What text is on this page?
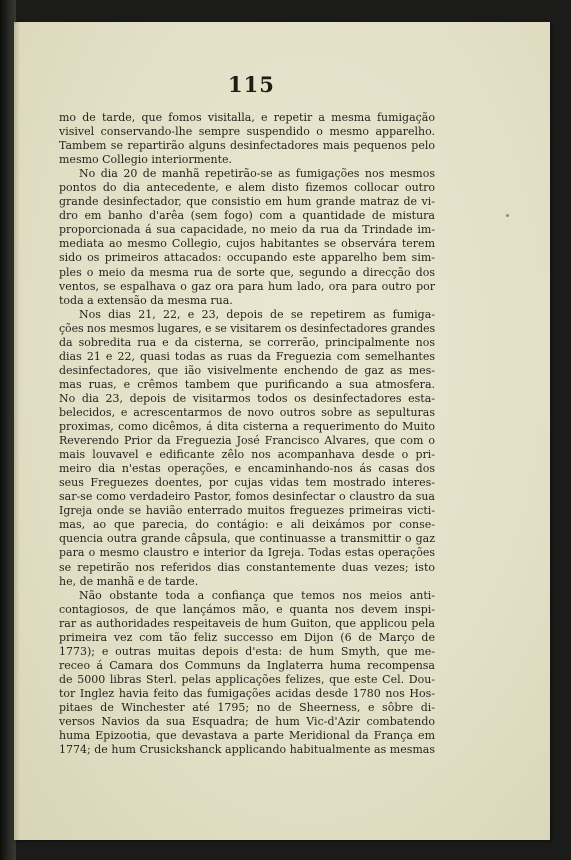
115
mo de tarde, que fomos visitalla, e repetir a mesma fumigação
visivel conservando-lhe sempre suspendido o mesmo apparelho.
Tambem se repartirão alguns desinfectadores mais pequenos pelo
mesmo Collegio interiormente.
No dia 20 de manhã repetirão-se as fumigações nos mesmos
pontos do dia antecedente, e alem disto fizemos collocar outro
grande desinfectador, que consistio em hum grande matraz de vi-
dro em banho d'arêa (sem fogo) com a quantidade de mistura
proporcionada á sua capacidade, no meio da rua da Trindade im-
mediata ao mesmo Collegio, cujos habitantes se observára terem
sido os primeiros attacados: occupando este apparelho bem sim-
ples o meio da mesma rua de sorte que, segundo a direcção dos
ventos, se espalhava o gaz ora para hum lado, ora para outro por
toda a extensão da mesma rua.
Nos dias 21, 22, e 23, depois de se repetirem as fumiga-
ções nos mesmos lugares, e se visitarem os desinfectadores grandes
da sobredita rua e da cisterna, se correrão, principalmente nos
dias 21 e 22, quasi todas as ruas da Freguezia com semelhantes
desinfectadores, que ião visivelmente enchendo de gaz as mes-
mas ruas, e crêmos tambem que purificando a sua atmosfera.
No dia 23, depois de visitarmos todos os desinfectadores esta-
belecidos, e acrescentarmos de novo outros sobre as sepulturas
proximas, como dicêmos, á dita cisterna a requerimento do Muito
Reverendo Prior da Freguezia José Francisco Alvares, que com o
mais louvavel e edificante zêlo nos acompanhava desde o pri-
meiro dia n'estas operações, e encaminhando-nos ás casas dos
seus Freguezes doentes, por cujas vidas tem mostrado interes-
sar-se como verdadeiro Pastor, fomos desinfectar o claustro da sua
Igreja onde se havião enterrado muitos freguezes primeiras victi-
mas, ao que parecia, do contágio: e ali deixámos por conse-
quencia outra grande câpsula, que continuasse a transmittir o gaz
para o mesmo claustro e interior da Igreja. Todas estas operações
se repetirão nos referidos dias constantemente duas vezes; isto
he, de manhã e de tarde.
Não obstante toda a confiança que temos nos meios anti-
contagiosos, de que lançámos mão, e quanta nos devem inspi-
rar as authoridades respeitaveis de hum Guiton, que applicou pela
primeira vez com tão feliz successo em Dijon (6 de Março de
1773); e outras muitas depois d'esta: de hum Smyth, que me-
receo á Camara dos Communs da Inglaterra huma recompensa
de 5000 libras Sterl. pelas applicações felizes, que este Cel. Dou-
tor Inglez havia feito das fumigações acidas desde 1780 nos Hos-
pitaes de Winchester até 1795; no de Sheerness, e sôbre di-
versos Navios da sua Esquadra; de hum Vic-d'Azir combatendo
huma Epizootia, que devastava a parte Meridional da França em
1774; de hum Crusickshanck applicando habitualmente as mesmas
